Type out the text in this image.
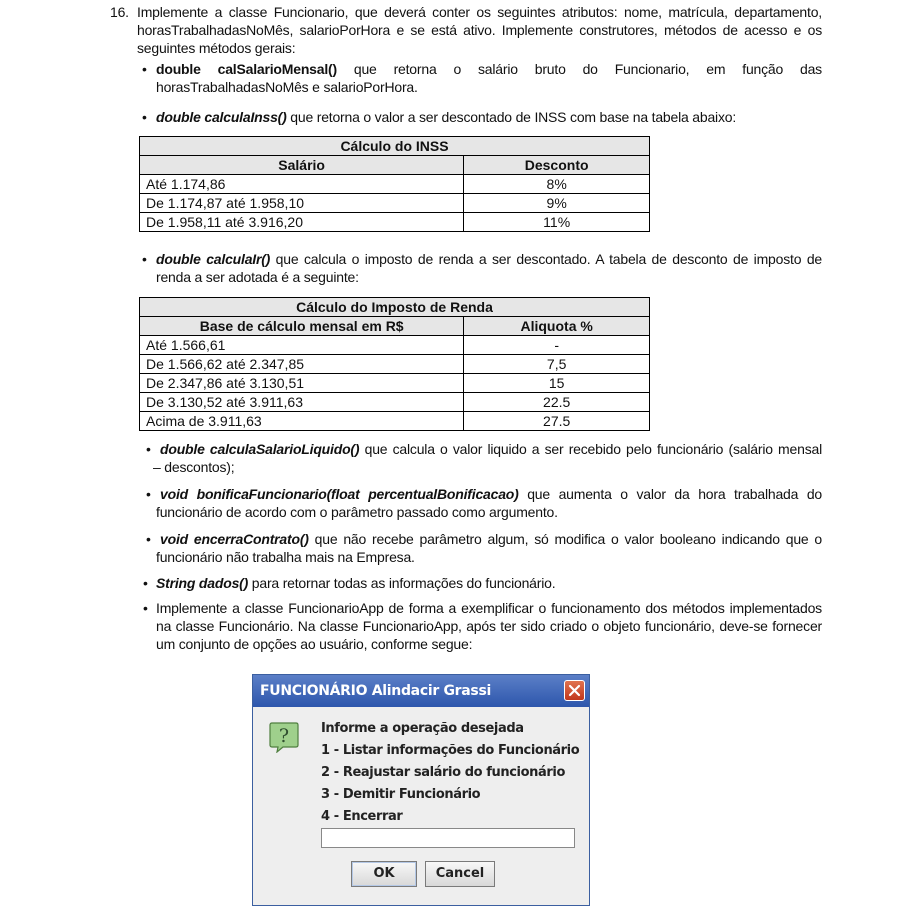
16. Implemente a classe Funcionario, que deverá conter os seguintes atributos: nome, matrícula, departamento,
horasTrabalhadasNoMês, salarioPorHora e se está ativo. Implemente construtores, métodos de acesso e os
seguintes métodos gerais:
• double calSalarioMensal() que retorna o salário bruto do Funcionario, em função das
horasTrabalhadasNoMês e salarioPorHora.
• double calculaInss() que retorna o valor a ser descontado de INSS com base na tabela abaixo:
Cálculo do INSS	
Salário	Desconto
Até 1.174,86	8%
De 1.174,87 até 1.958,10	9%
De 1.958,11 até 3.916,20	11%
• double calculaIr() que calcula o imposto de renda a ser descontado. A tabela de desconto de imposto de
renda a ser adotada é a seguinte:
Cálculo do Imposto de Renda	
Base de cálculo mensal em R$	Aliquota %
Até 1.566,61	-
De 1.566,62 até 2.347,85	7,5
De 2.347,86 até 3.130,51	15
De 3.130,52 até 3.911,63	22.5
Acima de 3.911,63	27.5
• double calculaSalarioLiquido() que calcula o valor liquido a ser recebido pelo funcionário (salário mensal
– descontos);
• void bonificaFuncionario(float percentualBonificacao) que aumenta o valor da hora trabalhada do
funcionário de acordo com o parâmetro passado como argumento.
• void encerraContrato() que não recebe parâmetro algum, só modifica o valor booleano indicando que o
funcionário não trabalha mais na Empresa.
• String dados() para retornar todas as informações do funcionário.
• Implemente a classe FuncionarioApp de forma a exemplificar o funcionamento dos métodos implementados
na classe Funcionário. Na classe FuncionarioApp, após ter sido criado o objeto funcionário, deve-se fornecer
um conjunto de opções ao usuário, conforme segue:
FUNCIONÁRIO Alindacir Grassi
? Informe a operação desejada
1 - Listar informações do Funcionário
2 - Reajustar salário do funcionário
3 - Demitir Funcionário
4 - Encerrar
OK	Cancel
